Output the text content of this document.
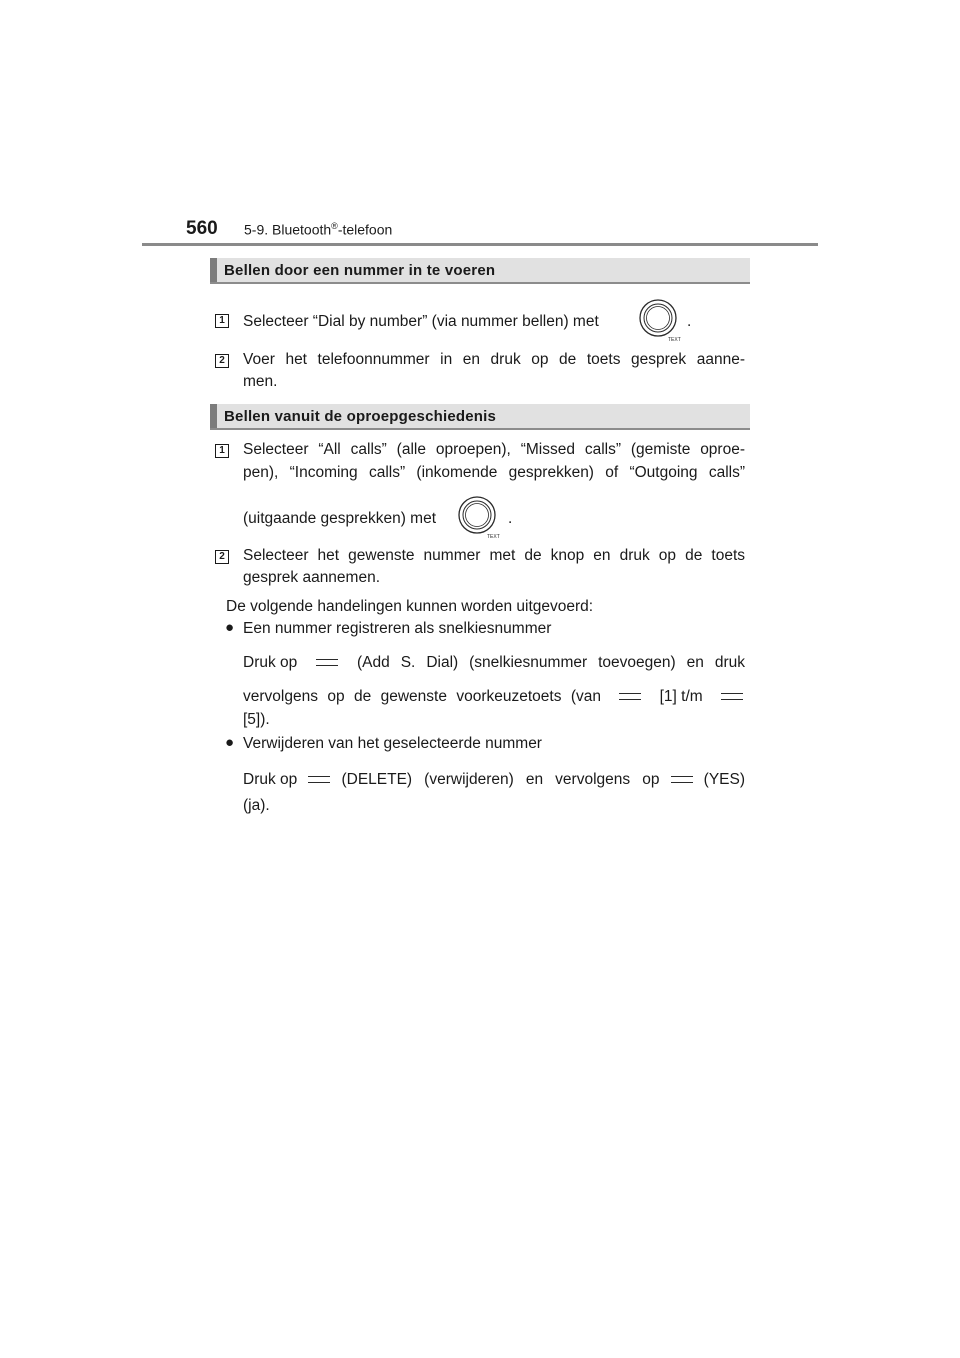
560 5-9. Bluetooth®-telefoon
Bellen door een nummer in te voeren
1 Selecteer “Dial by number” (via nummer bellen) met
TEXT
.
2 Voer het telefoonnummer in en druk op de toets gesprek aanne-
men.
Bellen vanuit de oproepgeschiedenis
1 Selecteer “All calls” (alle oproepen), “Missed calls” (gemiste oproe-
pen), “Incoming calls” (inkomende gesprekken) of “Outgoing calls”
(uitgaande gesprekken) met
TEXT
.
2 Selecteer het gewenste nummer met de knop en druk op de toets
gesprek aannemen.
De volgende handelingen kunnen worden uitgevoerd:
● Een nummer registreren als snelkiesnummer
Druk op	(Add S. Dial) (snelkiesnummer toevoegen) en druk
vervolgens op de gewenste voorkeuzetoets (van	[1] t/m
[5]).
● Verwijderen van het geselecteerde nummer
Druk op	(DELETE) (verwijderen) en vervolgens op	(YES)
(ja).
